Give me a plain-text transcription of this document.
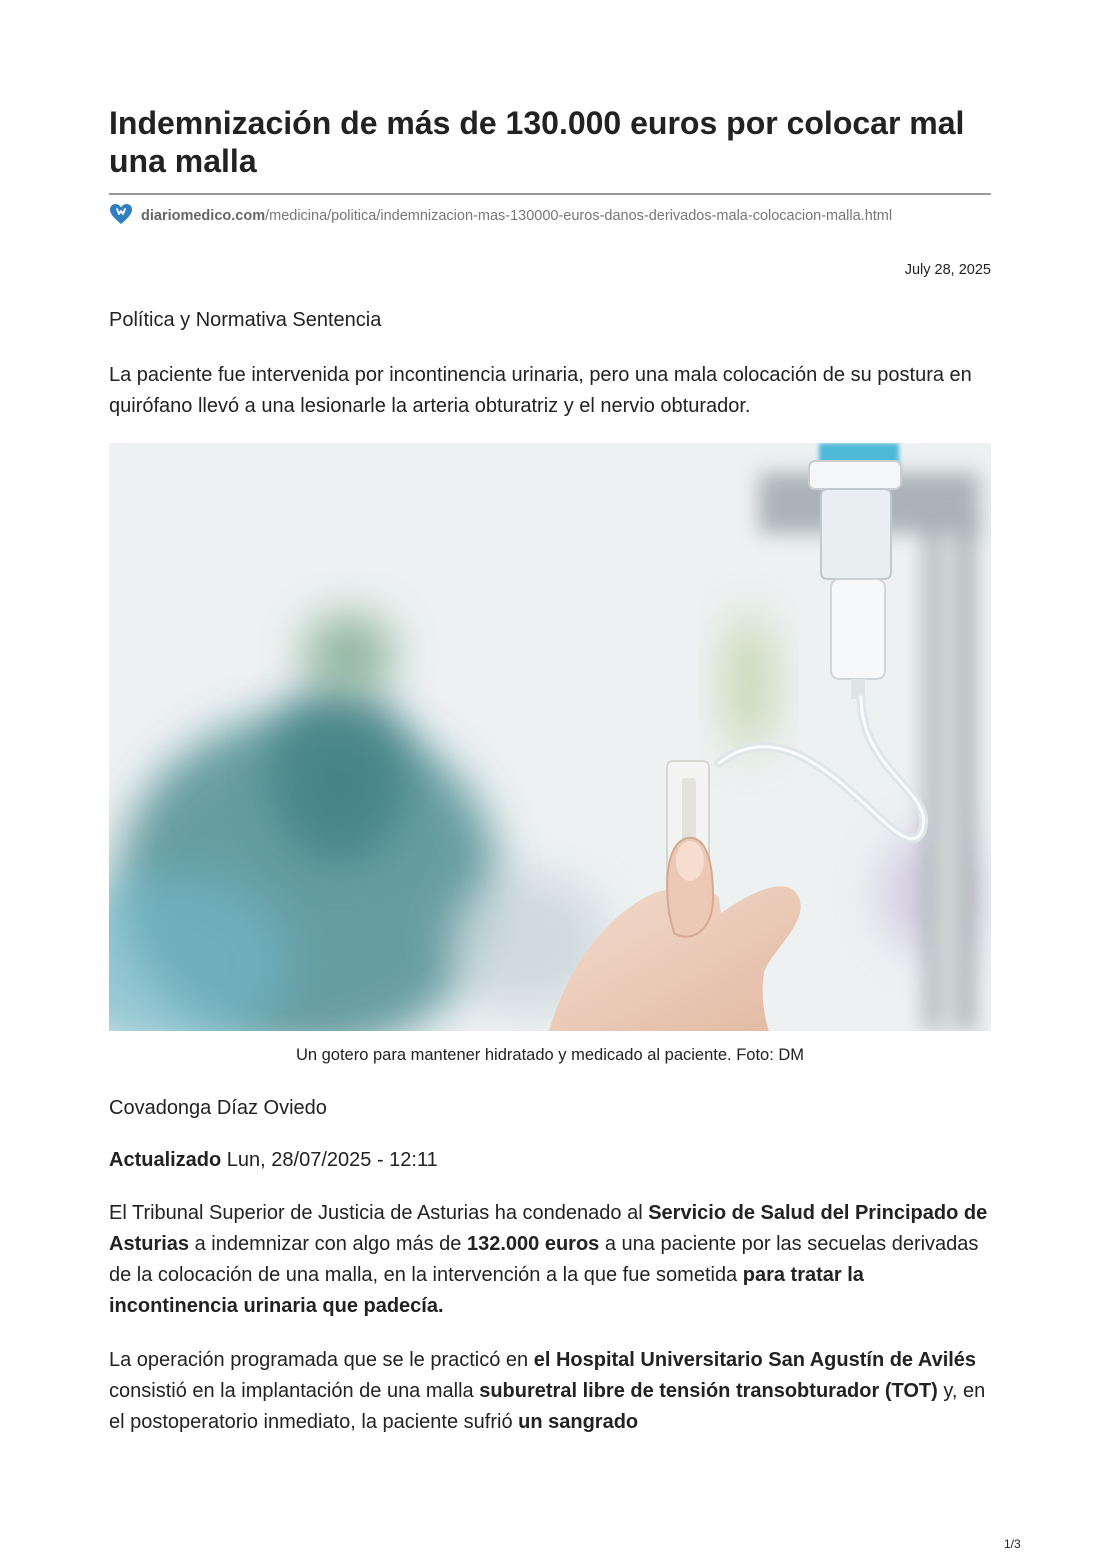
Indemnización de más de 130.000 euros por colocar mal una malla
diariomedico.com/medicina/politica/indemnizacion-mas-130000-euros-danos-derivados-mala-colocacion-malla.html
July 28, 2025
Política y Normativa Sentencia
La paciente fue intervenida por incontinencia urinaria, pero una mala colocación de su postura en quirófano llevó a una lesionarle la arteria obturatriz y el nervio obturador.
Un gotero para mantener hidratado y medicado al paciente. Foto: DM
Covadonga Díaz Oviedo
Actualizado Lun, 28/07/2025 - 12:11
El Tribunal Superior de Justicia de Asturias ha condenado al Servicio de Salud del Principado de Asturias a indemnizar con algo más de 132.000 euros a una paciente por las secuelas derivadas de la colocación de una malla, en la intervención a la que fue sometida para tratar la incontinencia urinaria que padecía.
La operación programada que se le practicó en el Hospital Universitario San Agustín de Avilés consistió en la implantación de una malla suburetral libre de tensión transobturador (TOT) y, en el postoperatorio inmediato, la paciente sufrió un sangrado
1/3
